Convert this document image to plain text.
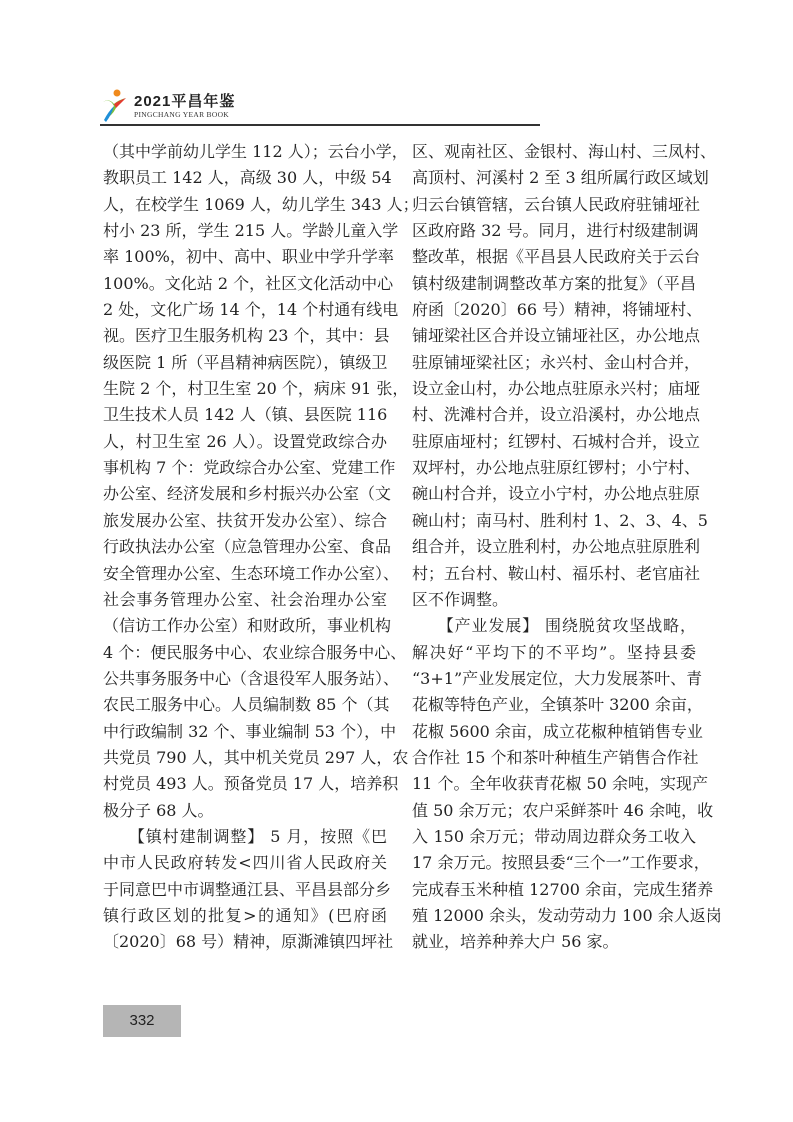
2021平昌年鉴
PINGCHANG YEAR BOOK
（其中学前幼儿学生 112 人）；云台小学，
教职员工 142 人，高级 30 人，中级 54
人，在校学生 1069 人，幼儿学生 343 人；
村小 23 所，学生 215 人。学龄儿童入学
率 100%，初中、高中、职业中学升学率
100%。文化站 2 个，社区文化活动中心
2 处，文化广场 14 个，14 个村通有线电
视。医疗卫生服务机构 23 个，其中：县
级医院 1 所（平昌精神病医院），镇级卫
生院 2 个，村卫生室 20 个，病床 91 张，
卫生技术人员 142 人（镇、县医院 116
人，村卫生室 26 人）。设置党政综合办
事机构 7 个：党政综合办公室、党建工作
办公室、经济发展和乡村振兴办公室（文
旅发展办公室、扶贫开发办公室）、综合
行政执法办公室（应急管理办公室、食品
安全管理办公室、生态环境工作办公室）、
社会事务管理办公室、社会治理办公室
（信访工作办公室）和财政所，事业机构
4 个：便民服务中心、农业综合服务中心、
公共事务服务中心（含退役军人服务站）、
农民工服务中心。人员编制数 85 个（其
中行政编制 32 个、事业编制 53 个），中
共党员 790 人，其中机关党员 297 人，农
村党员 493 人。预备党员 17 人，培养积
极分子 68 人。
　　【镇村建制调整】 5 月，按照《巴
中市人民政府转发<四川省人民政府关
于同意巴中市调整通江县、平昌县部分乡
镇行政区划的批复>的通知》(巴府函
〔2020〕68 号）精神，原澌滩镇四坪社
区、观南社区、金银村、海山村、三凤村、
高顶村、河溪村 2 至 3 组所属行政区域划
归云台镇管辖，云台镇人民政府驻铺垭社
区政府路 32 号。同月，进行村级建制调
整改革，根据《平昌县人民政府关于云台
镇村级建制调整改革方案的批复》（平昌
府函〔2020〕66 号）精神，将铺垭村、
铺垭梁社区合并设立铺垭社区，办公地点
驻原铺垭梁社区；永兴村、金山村合并，
设立金山村，办公地点驻原永兴村；庙垭
村、洗滩村合并，设立沿溪村，办公地点
驻原庙垭村；红锣村、石城村合并，设立
双坪村，办公地点驻原红锣村；小宁村、
碗山村合并，设立小宁村，办公地点驻原
碗山村；南马村、胜利村 1、2、3、4、5
组合并，设立胜利村，办公地点驻原胜利
村；五台村、鞍山村、福乐村、老官庙社
区不作调整。
　　【产业发展】 围绕脱贫攻坚战略，
解决好“平均下的不平均”。坚持县委
“3+1”产业发展定位，大力发展茶叶、青
花椒等特色产业，全镇茶叶 3200 余亩，
花椒 5600 余亩，成立花椒种植销售专业
合作社 15 个和茶叶种植生产销售合作社
11 个。全年收获青花椒 50 余吨，实现产
值 50 余万元；农户采鲜茶叶 46 余吨，收
入 150 余万元；带动周边群众务工收入
17 余万元。按照县委“三个一”工作要求，
完成春玉米种植 12700 余亩，完成生猪养
殖 12000 余头，发动劳动力 100 余人返岗
就业，培养种养大户 56 家。
332
